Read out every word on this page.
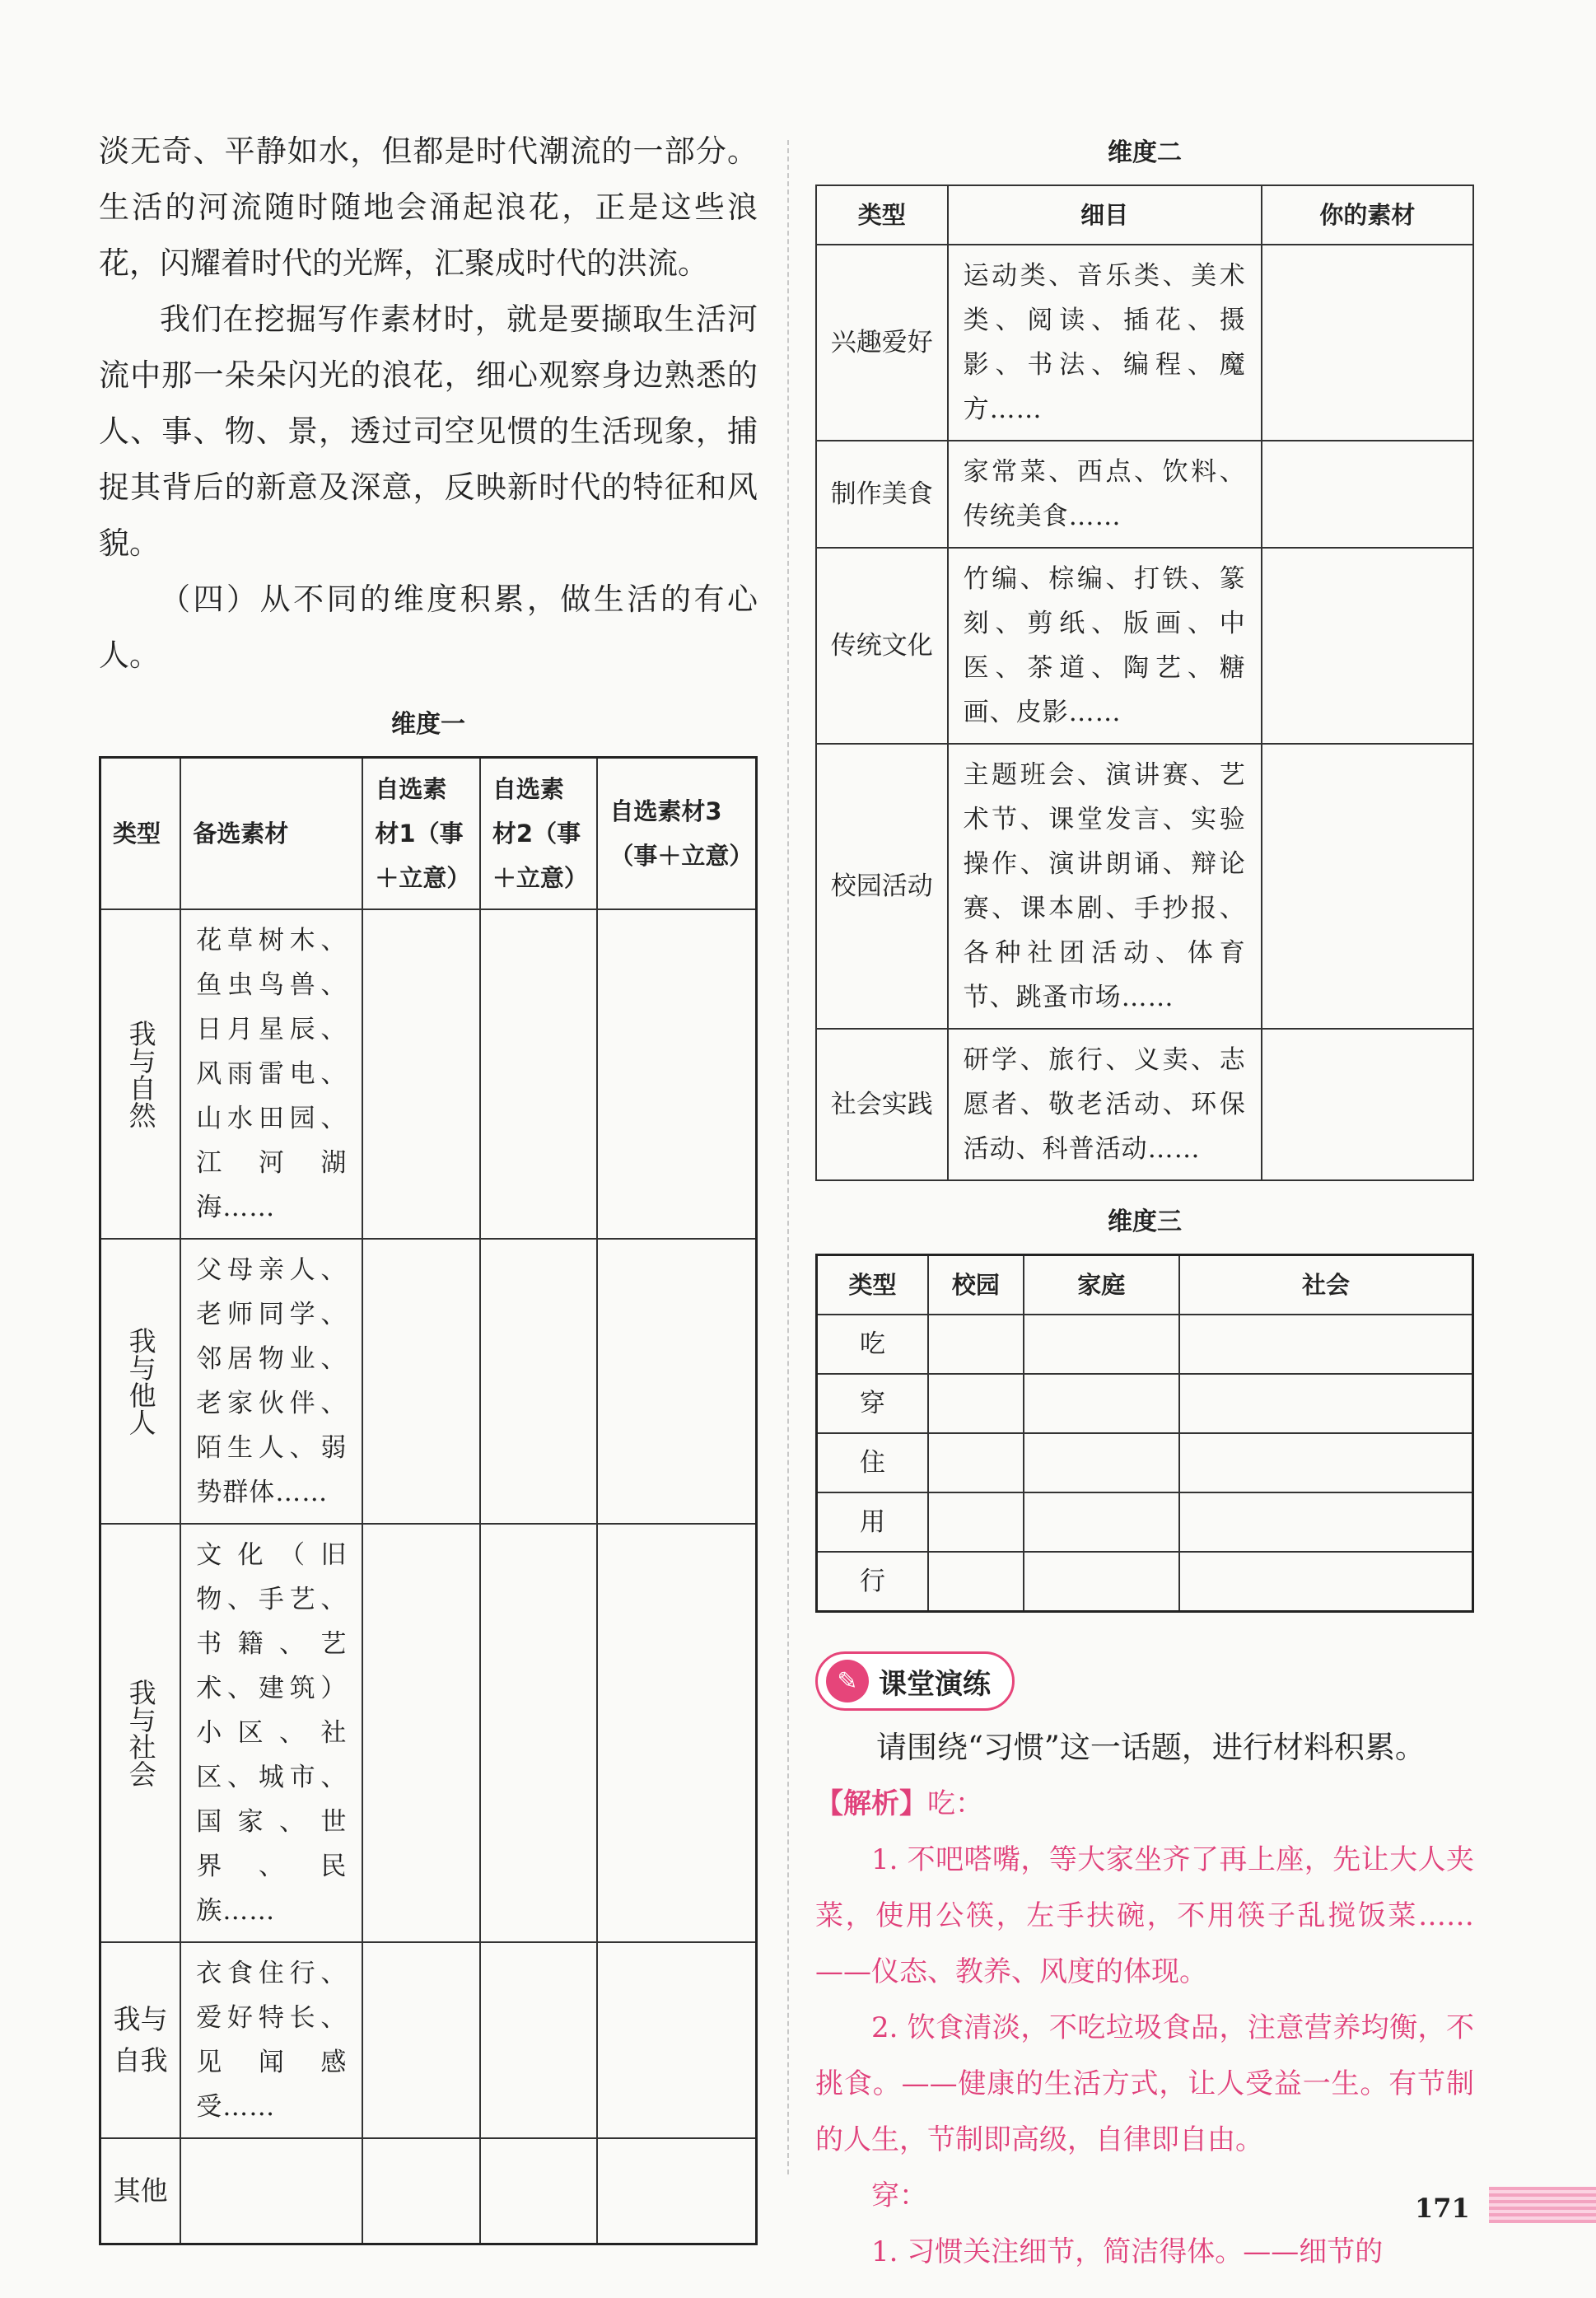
淡无奇、平静如水，但都是时代潮流的一部分。生活的河流随时随地会涌起浪花，正是这些浪花，闪耀着时代的光辉，汇聚成时代的洪流。

我们在挖掘写作素材时，就是要撷取生活河流中那一朵朵闪光的浪花，细心观察身边熟悉的人、事、物、景，透过司空见惯的生活现象，捕捉其背后的新意及深意，反映新时代的特征和风貌。

（四）从不同的维度积累，做生活的有心人。

维度一
类型	备选素材	自选素材1（事＋立意）	自选素材2（事＋立意）	自选素材3（事＋立意）
我与自然	花草树木、鱼虫鸟兽、日月星辰、风雨雷电、山水田园、江河湖海……			
我与他人	父母亲人、老师同学、邻居物业、老家伙伴、陌生人、弱势群体……			
我与社会	文化（旧物、手艺、书籍、艺术、建筑）小区、社区、城市、国家、世界、民族……			
我与自我	衣食住行、爱好特长、见闻感受……			
其他				
维度二
类型	细目	你的素材
兴趣爱好	运动类、音乐类、美术类、阅读、插花、摄影、书法、编程、魔方……	
制作美食	家常菜、西点、饮料、传统美食……	
传统文化	竹编、棕编、打铁、篆刻、剪纸、版画、中医、茶道、陶艺、糖画、皮影……	
校园活动	主题班会、演讲赛、艺术节、课堂发言、实验操作、演讲朗诵、辩论赛、课本剧、手抄报、各种社团活动、体育节、跳蚤市场……	
社会实践	研学、旅行、义卖、志愿者、敬老活动、环保活动、科普活动……	
维度三
类型	校园	家庭	社会
吃			
穿			
住			
用			
行			
✎ 课堂演练

请围绕“习惯”这一话题，进行材料积累。

【解析】吃：

1. 不吧嗒嘴，等大家坐齐了再上座，先让大人夹菜，使用公筷，左手扶碗，不用筷子乱搅饭菜……——仪态、教养、风度的体现。

2. 饮食清淡，不吃垃圾食品，注意营养均衡，不挑食。——健康的生活方式，让人受益一生。有节制的人生，节制即高级，自律即自由。

穿：

1. 习惯关注细节，简洁得体。——细节的

171
